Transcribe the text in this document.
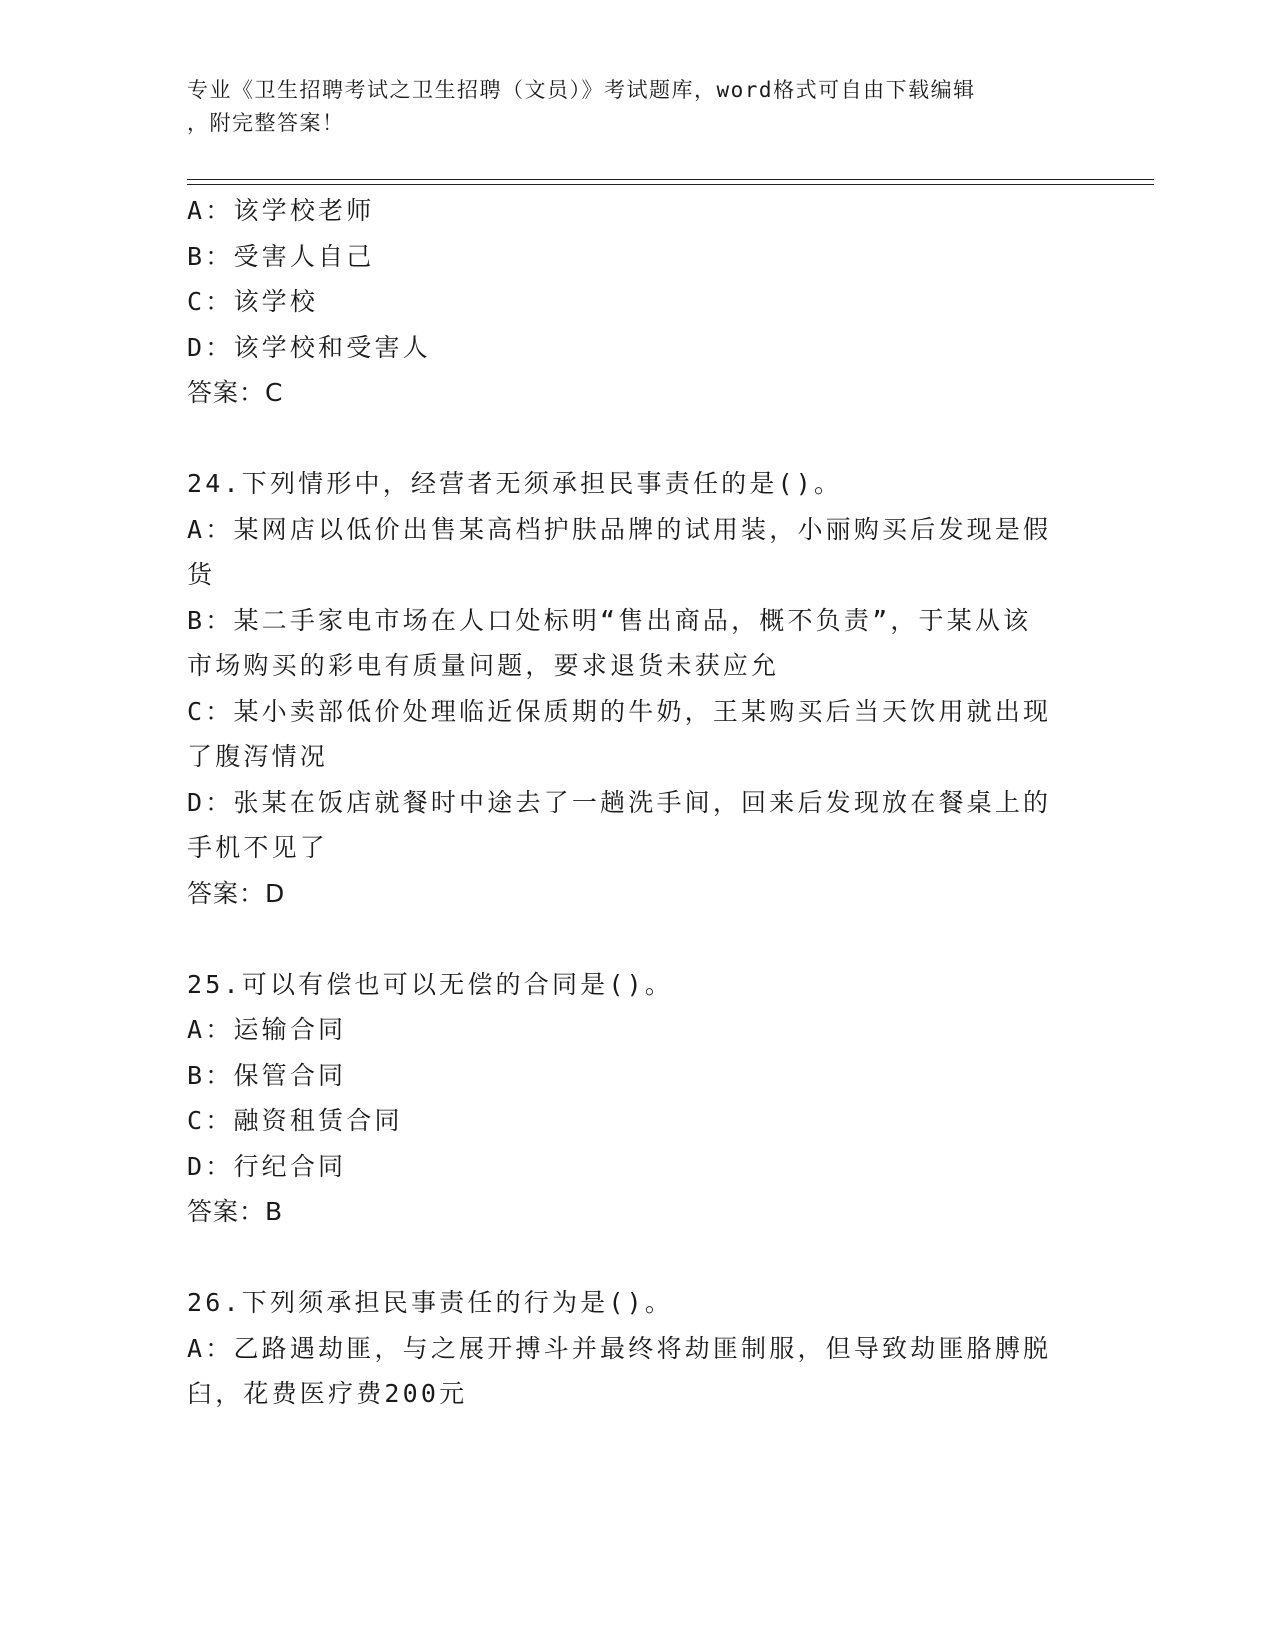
专业《卫生招聘考试之卫生招聘（文员）》考试题库，word格式可自由下载编辑
，附完整答案！

A：该学校老师

B：受害人自己

C：该学校

D：该学校和受害人

答案：C

24.下列情形中，经营者无须承担民事责任的是()。

A：某网店以低价出售某高档护肤品牌的试用装，小丽购买后发现是假

货

B：某二手家电市场在人口处标明“售出商品，概不负责”，于某从该

市场购买的彩电有质量问题，要求退货未获应允

C：某小卖部低价处理临近保质期的牛奶，王某购买后当天饮用就出现

了腹泻情况

D：张某在饭店就餐时中途去了一趟洗手间，回来后发现放在餐桌上的

手机不见了

答案：D

25.可以有偿也可以无偿的合同是()。

A：运输合同

B：保管合同

C：融资租赁合同

D：行纪合同

答案：B

26.下列须承担民事责任的行为是()。

A：乙路遇劫匪，与之展开搏斗并最终将劫匪制服，但导致劫匪胳膊脱

臼，花费医疗费200元
